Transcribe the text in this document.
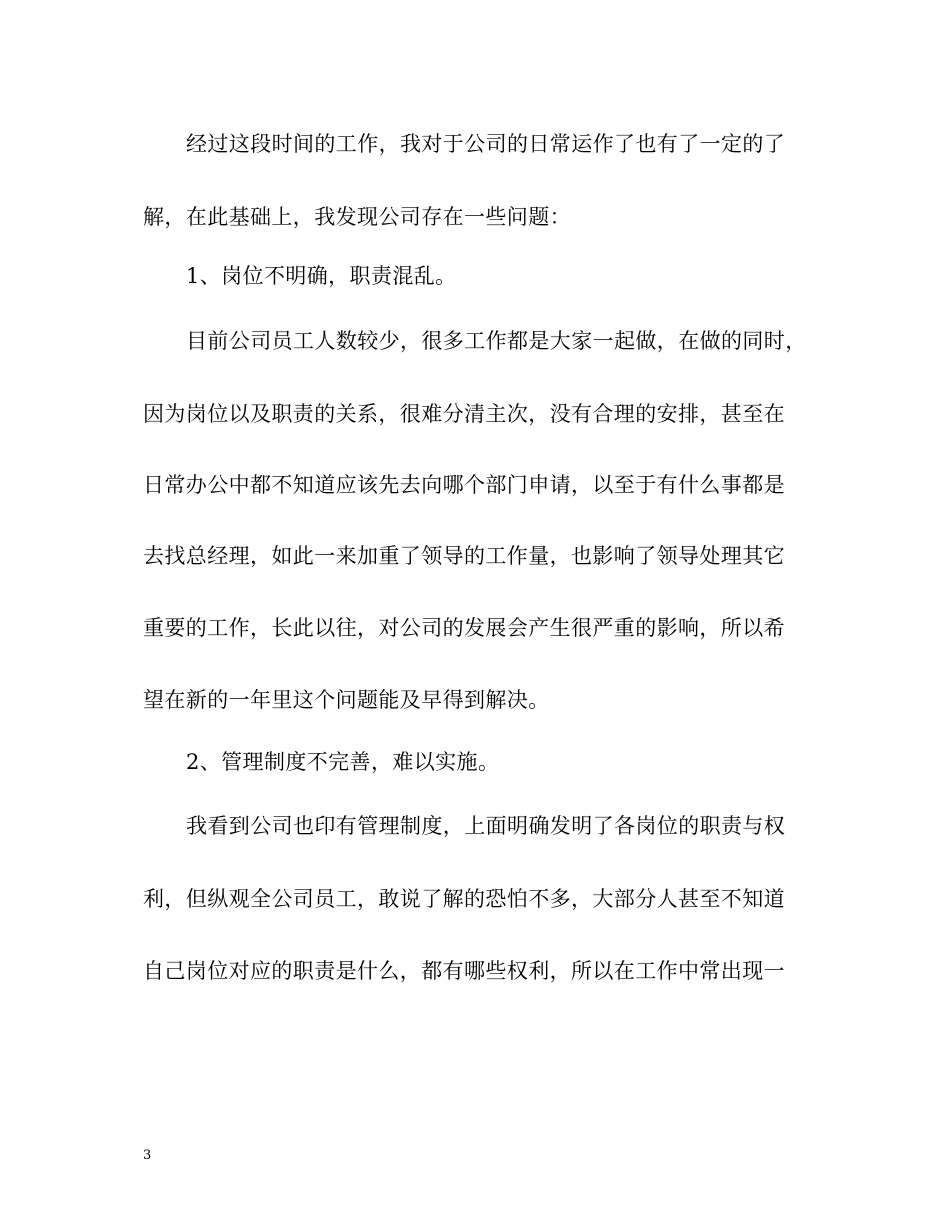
经过这段时间的工作，我对于公司的日常运作了也有了一定的了
解，在此基础上，我发现公司存在一些问题：
1、岗位不明确，职责混乱。
目前公司员工人数较少，很多工作都是大家一起做，在做的同时，
因为岗位以及职责的关系，很难分清主次，没有合理的安排，甚至在
日常办公中都不知道应该先去向哪个部门申请，以至于有什么事都是
去找总经理，如此一来加重了领导的工作量，也影响了领导处理其它
重要的工作，长此以往，对公司的发展会产生很严重的影响，所以希
望在新的一年里这个问题能及早得到解决。
2、管理制度不完善，难以实施。
我看到公司也印有管理制度，上面明确发明了各岗位的职责与权
利，但纵观全公司员工，敢说了解的恐怕不多，大部分人甚至不知道
自己岗位对应的职责是什么，都有哪些权利，所以在工作中常出现一
3
